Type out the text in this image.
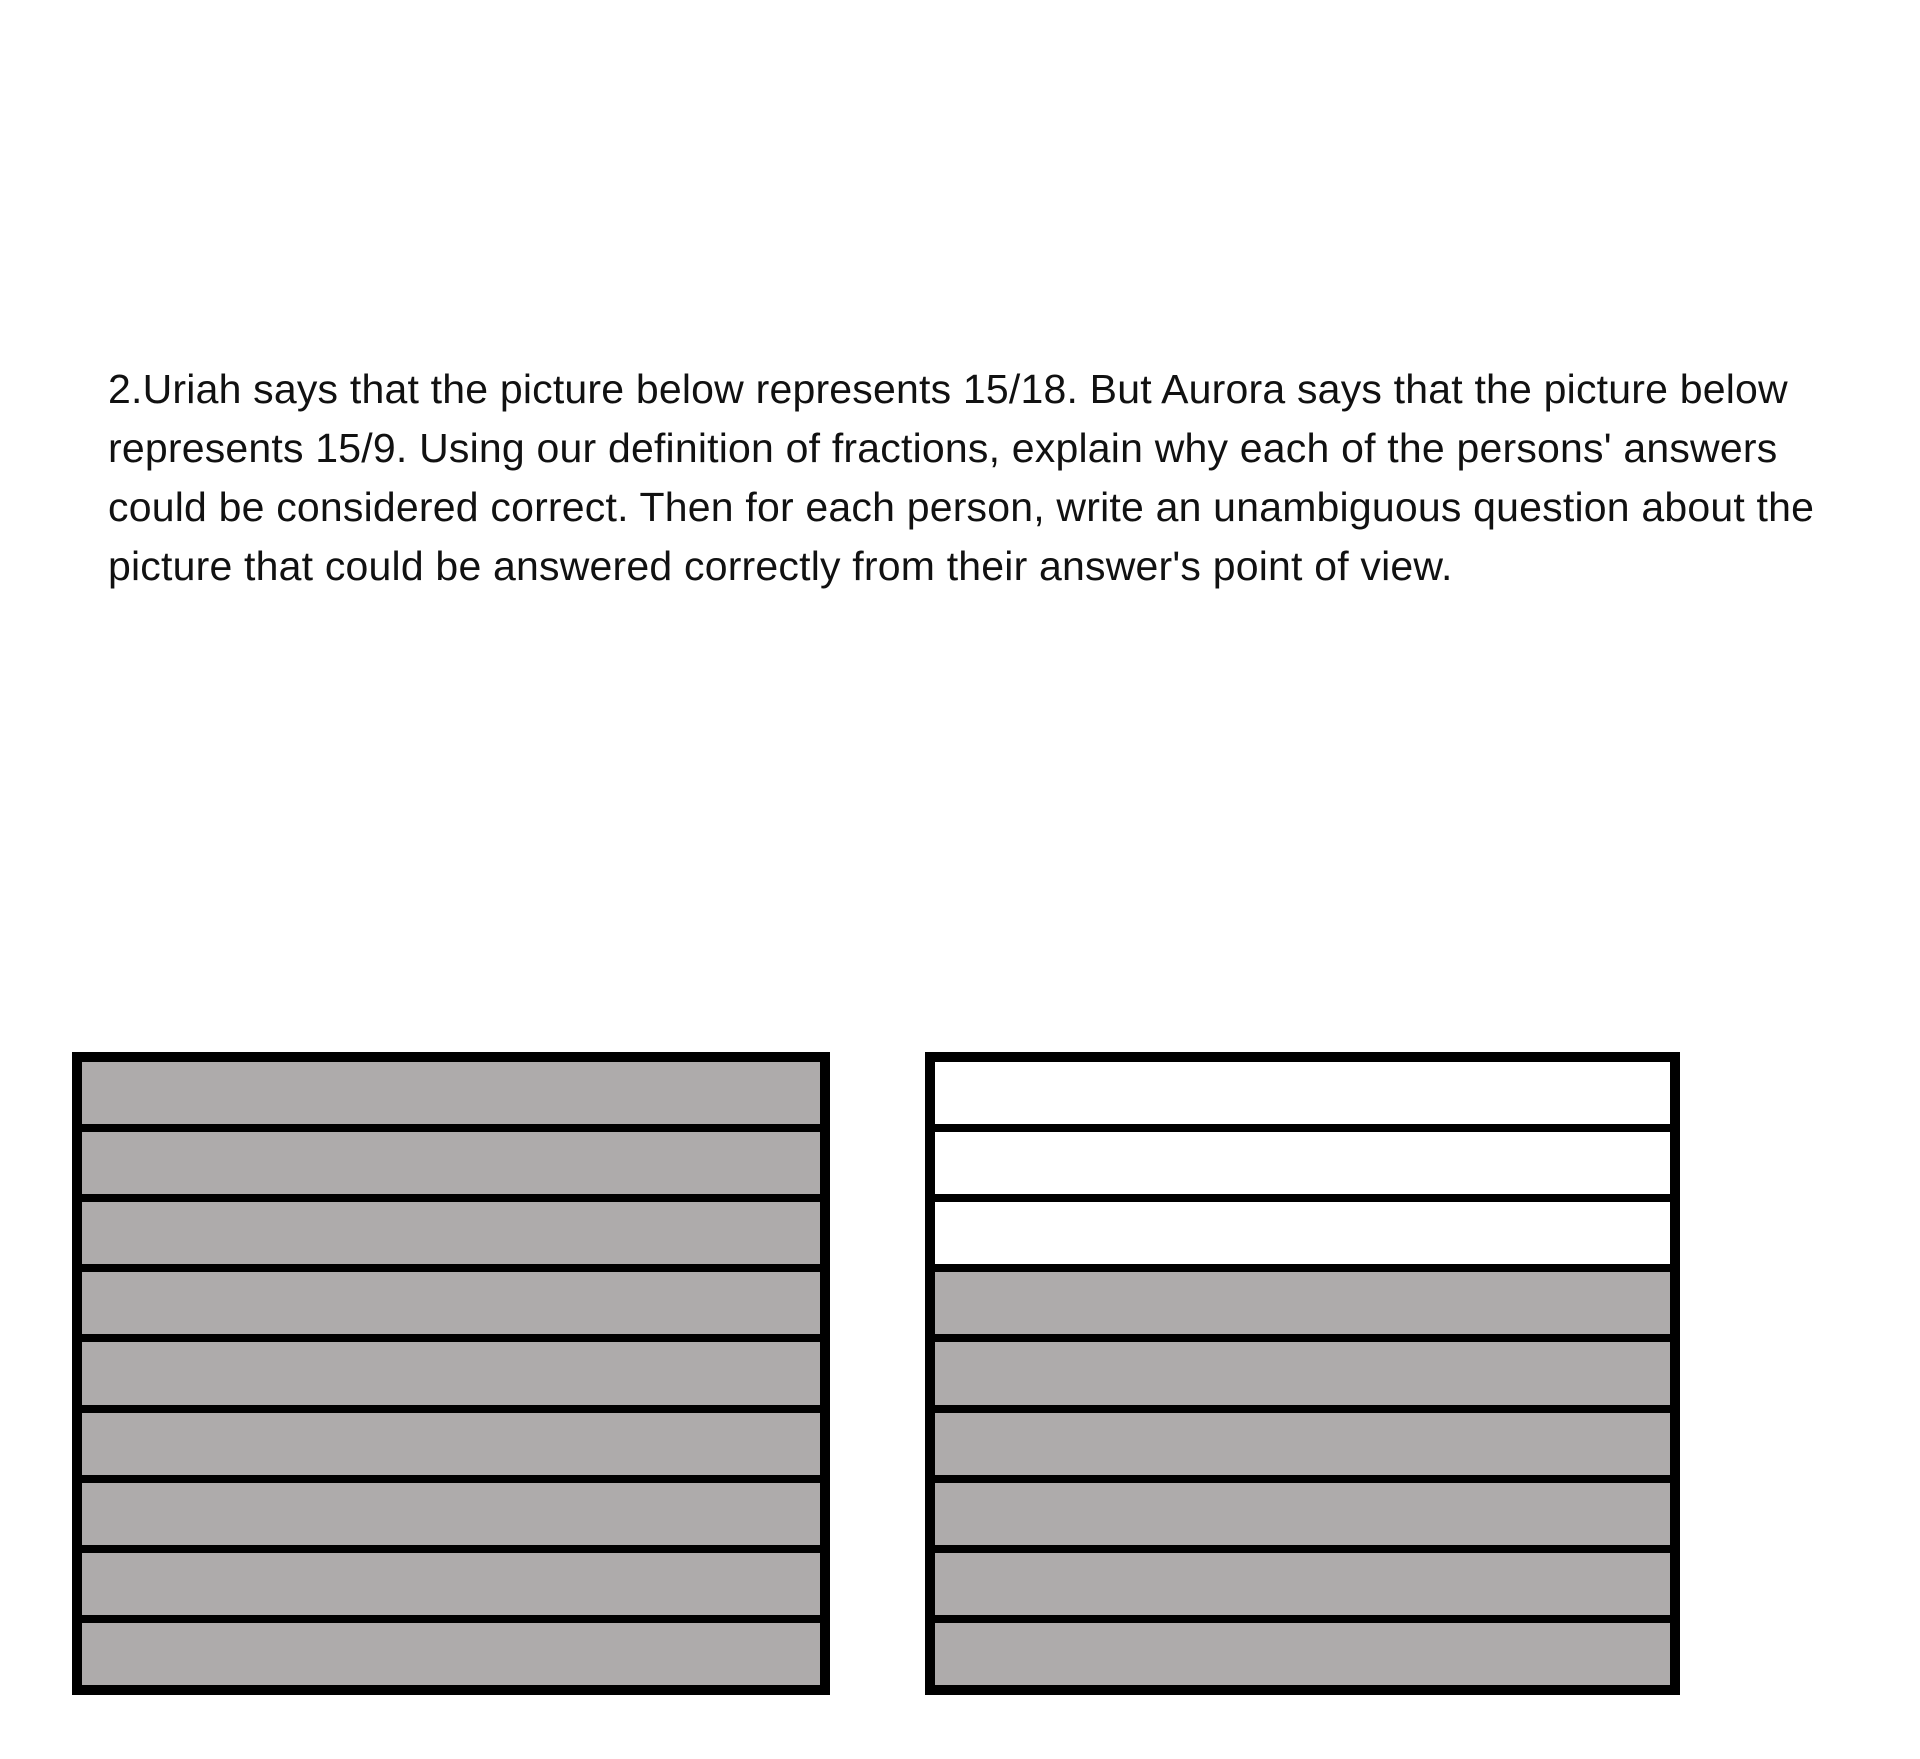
2.Uriah says that the picture below represents 15/18. But Aurora says that the picture below represents 15/9. Using our definition of fractions, explain why each of the persons' answers could be considered correct. Then for each person, write an unambiguous question about the picture that could be answered correctly from their answer's point of view.
